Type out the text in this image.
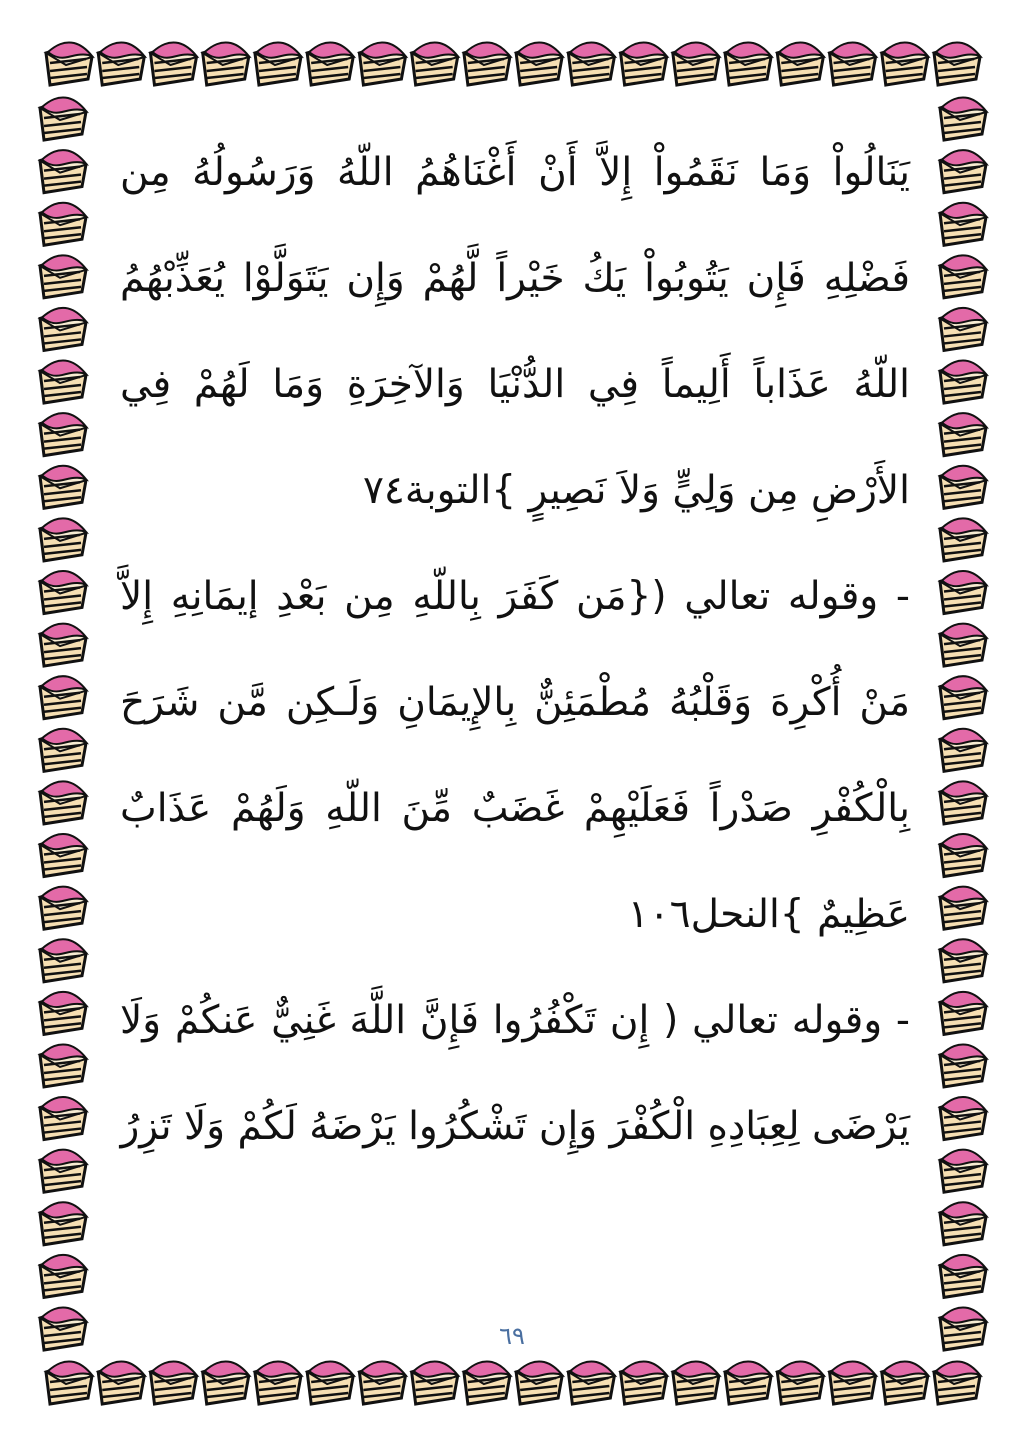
يَنَالُواْ وَمَا نَقَمُواْ إِلاَّ أَنْ أَغْنَاهُمُ اللّهُ وَرَسُولُهُ مِن فَضْلِهِ فَإِن يَتُوبُواْ يَكُ خَيْراً لَّهُمْ وَإِن يَتَوَلَّوْا يُعَذِّبْهُمُ اللّهُ عَذَاباً أَلِيماً فِي الدُّنْيَا وَالآخِرَةِ وَمَا لَهُمْ فِي الأَرْضِ مِن وَلِيٍّ وَلاَ نَصِيرٍ }التوبة٧٤

- وقوله تعالي ({مَن كَفَرَ بِاللّهِ مِن بَعْدِ إيمَانِهِ إِلاَّ مَنْ أُكْرِهَ وَقَلْبُهُ مُطْمَئِنٌّ بِالإِيمَانِ وَلَـكِن مَّن شَرَحَ بِالْكُفْرِ صَدْراً فَعَلَيْهِمْ غَضَبٌ مِّنَ اللّهِ وَلَهُمْ عَذَابٌ عَظِيمٌ }النحل١٠٦

- وقوله تعالي ( إِن تَكْفُرُوا فَإِنَّ اللَّهَ غَنِيٌّ عَنكُمْ وَلَا يَرْضَى لِعِبَادِهِ الْكُفْرَ وَإِن تَشْكُرُوا يَرْضَهُ لَكُمْ وَلَا تَزِرُ

٦٩
